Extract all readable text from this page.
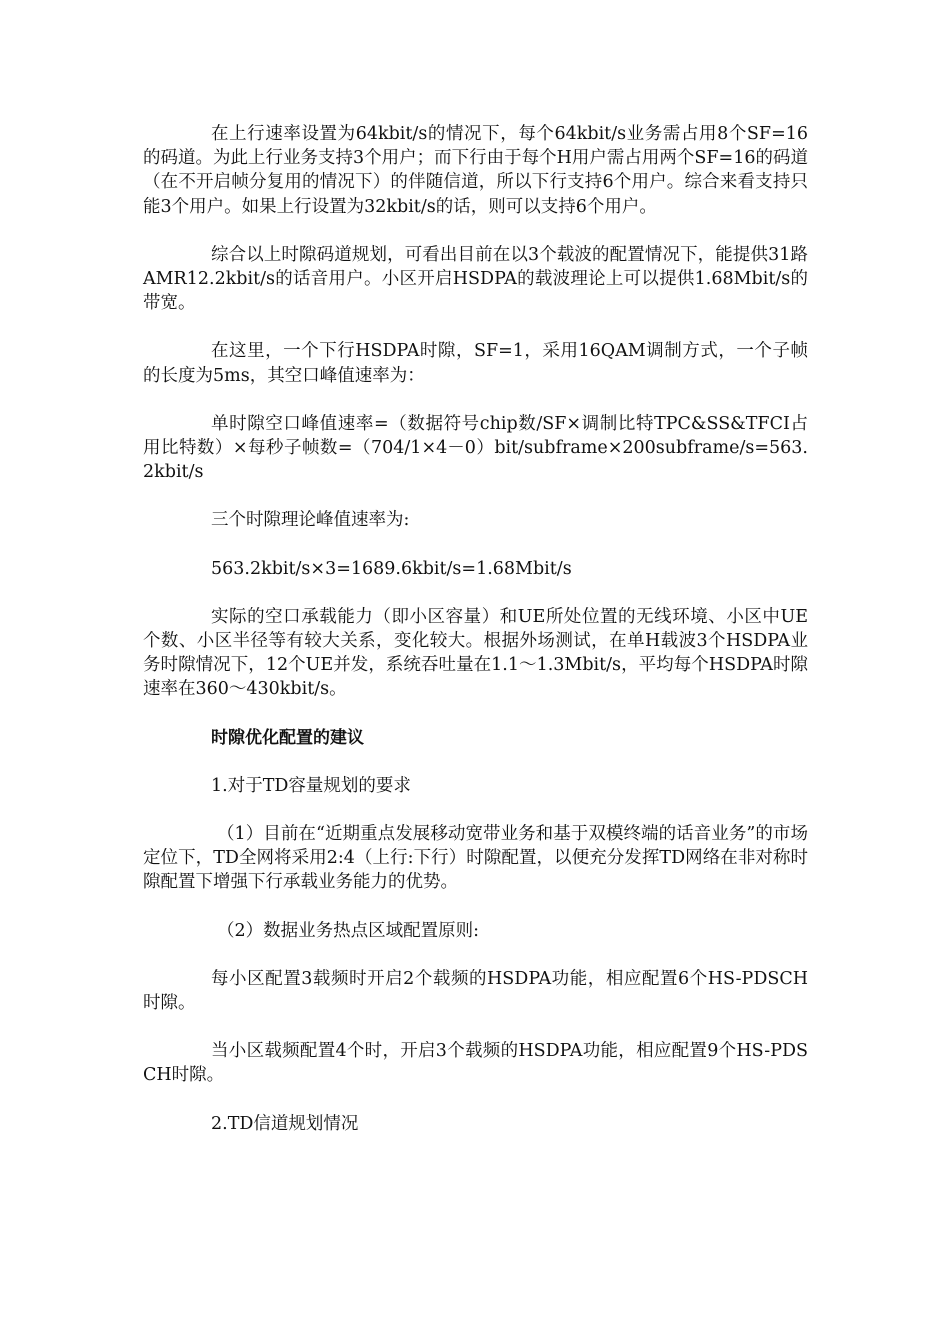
在上行速率设置为64kbit/s的情况下，每个64kbit/s业务需占用8个SF=16的码道。为此上行业务支持3个用户；而下行由于每个H用户需占用两个SF=16的码道（在不开启帧分复用的情况下）的伴随信道，所以下行支持6个用户。综合来看支持只能3个用户。如果上行设置为32kbit/s的话，则可以支持6个用户。

综合以上时隙码道规划，可看出目前在以3个载波的配置情况下，能提供31路AMR12.2kbit/s的话音用户。小区开启HSDPA的载波理论上可以提供1.68Mbit/s的带宽。

在这里，一个下行HSDPA时隙，SF=1，采用16QAM调制方式，一个子帧的长度为5ms，其空口峰值速率为：

单时隙空口峰值速率=（数据符号chip数/SF×调制比特TPC&SS&TFCI占用比特数）×每秒子帧数=（704/1×4－0）bit/subframe×200subframe/s=563.2kbit/s

三个时隙理论峰值速率为:

563.2kbit/s×3=1689.6kbit/s=1.68Mbit/s

实际的空口承载能力（即小区容量）和UE所处位置的无线环境、小区中UE个数、小区半径等有较大关系，变化较大。根据外场测试，在单H载波3个HSDPA业务时隙情况下，12个UE并发，系统吞吐量在1.1～1.3Mbit/s，平均每个HSDPA时隙速率在360～430kbit/s。

时隙优化配置的建议

1.对于TD容量规划的要求

（1）目前在“近期重点发展移动宽带业务和基于双模终端的话音业务”的市场定位下，TD全网将采用2:4（上行:下行）时隙配置，以便充分发挥TD网络在非对称时隙配置下增强下行承载业务能力的优势。

（2）数据业务热点区域配置原则:

每小区配置3载频时开启2个载频的HSDPA功能，相应配置6个HS-PDSCH时隙。

当小区载频配置4个时，开启3个载频的HSDPA功能，相应配置9个HS-PDSCH时隙。

2.TD信道规划情况
